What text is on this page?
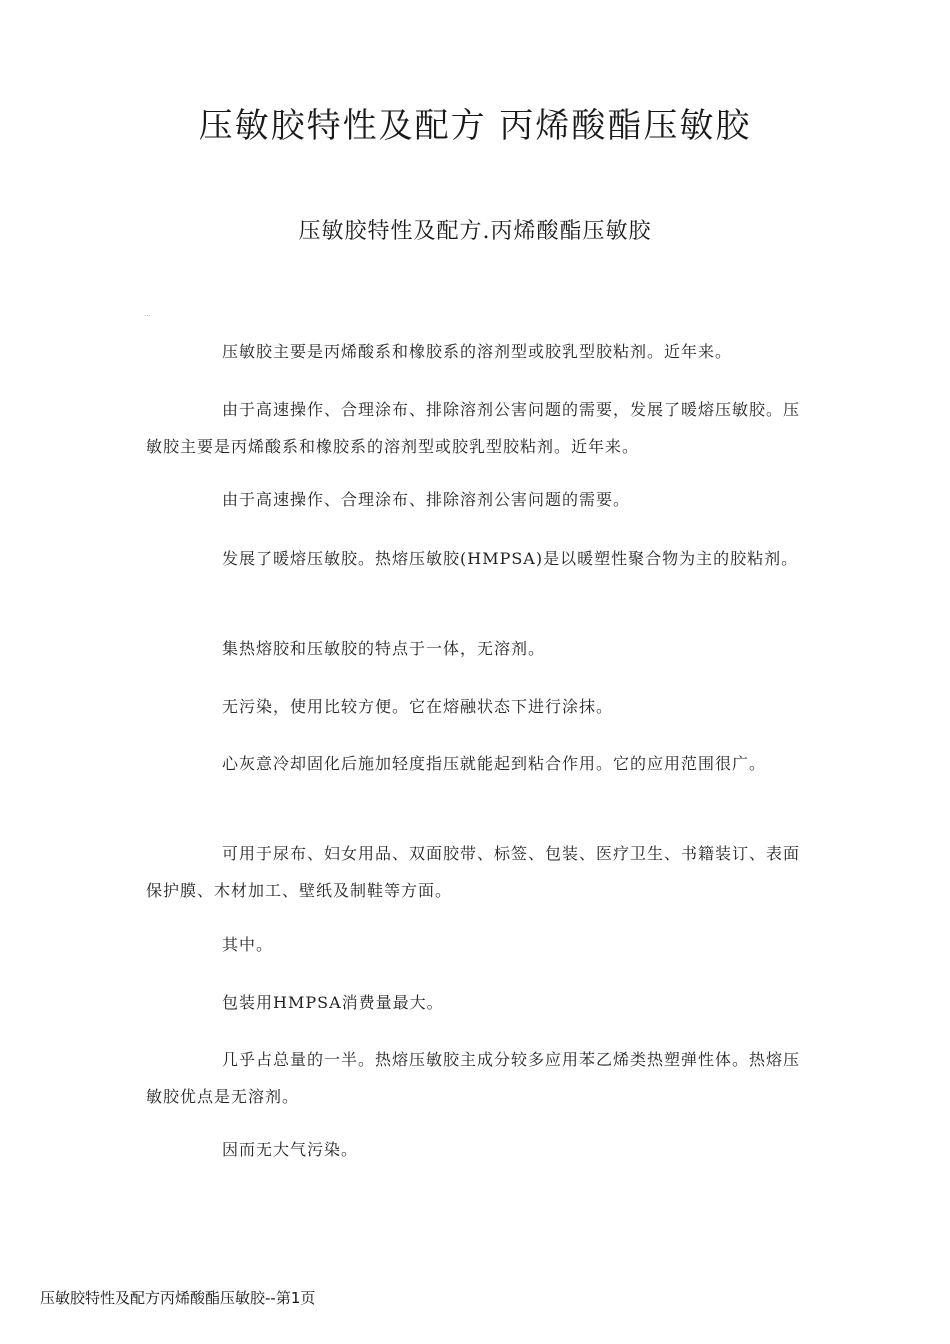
压敏胶特性及配方 丙烯酸酯压敏胶
压敏胶特性及配方.丙烯酸酯压敏胶
···

压敏胶主要是丙烯酸系和橡胶系的溶剂型或胶乳型胶粘剂。近年来。

由于高速操作、合理涂布、排除溶剂公害问题的需要，发展了暖熔压敏胶。压敏胶主要是丙烯酸系和橡胶系的溶剂型或胶乳型胶粘剂。近年来。

由于高速操作、合理涂布、排除溶剂公害问题的需要。

发展了暖熔压敏胶。热熔压敏胶(HMPSA)是以暖塑性聚合物为主的胶粘剂。

集热熔胶和压敏胶的特点于一体，无溶剂。

无污染，使用比较方便。它在熔融状态下进行涂抹。

心灰意冷却固化后施加轻度指压就能起到粘合作用。它的应用范围很广。

可用于尿布、妇女用品、双面胶带、标签、包装、医疗卫生、书籍装订、表面保护膜、木材加工、壁纸及制鞋等方面。

其中。

包装用HMPSA消费量最大。

几乎占总量的一半。热熔压敏胶主成分较多应用苯乙烯类热塑弹性体。热熔压敏胶优点是无溶剂。

因而无大气污染。

压敏胶特性及配方丙烯酸酯压敏胶--第1页
